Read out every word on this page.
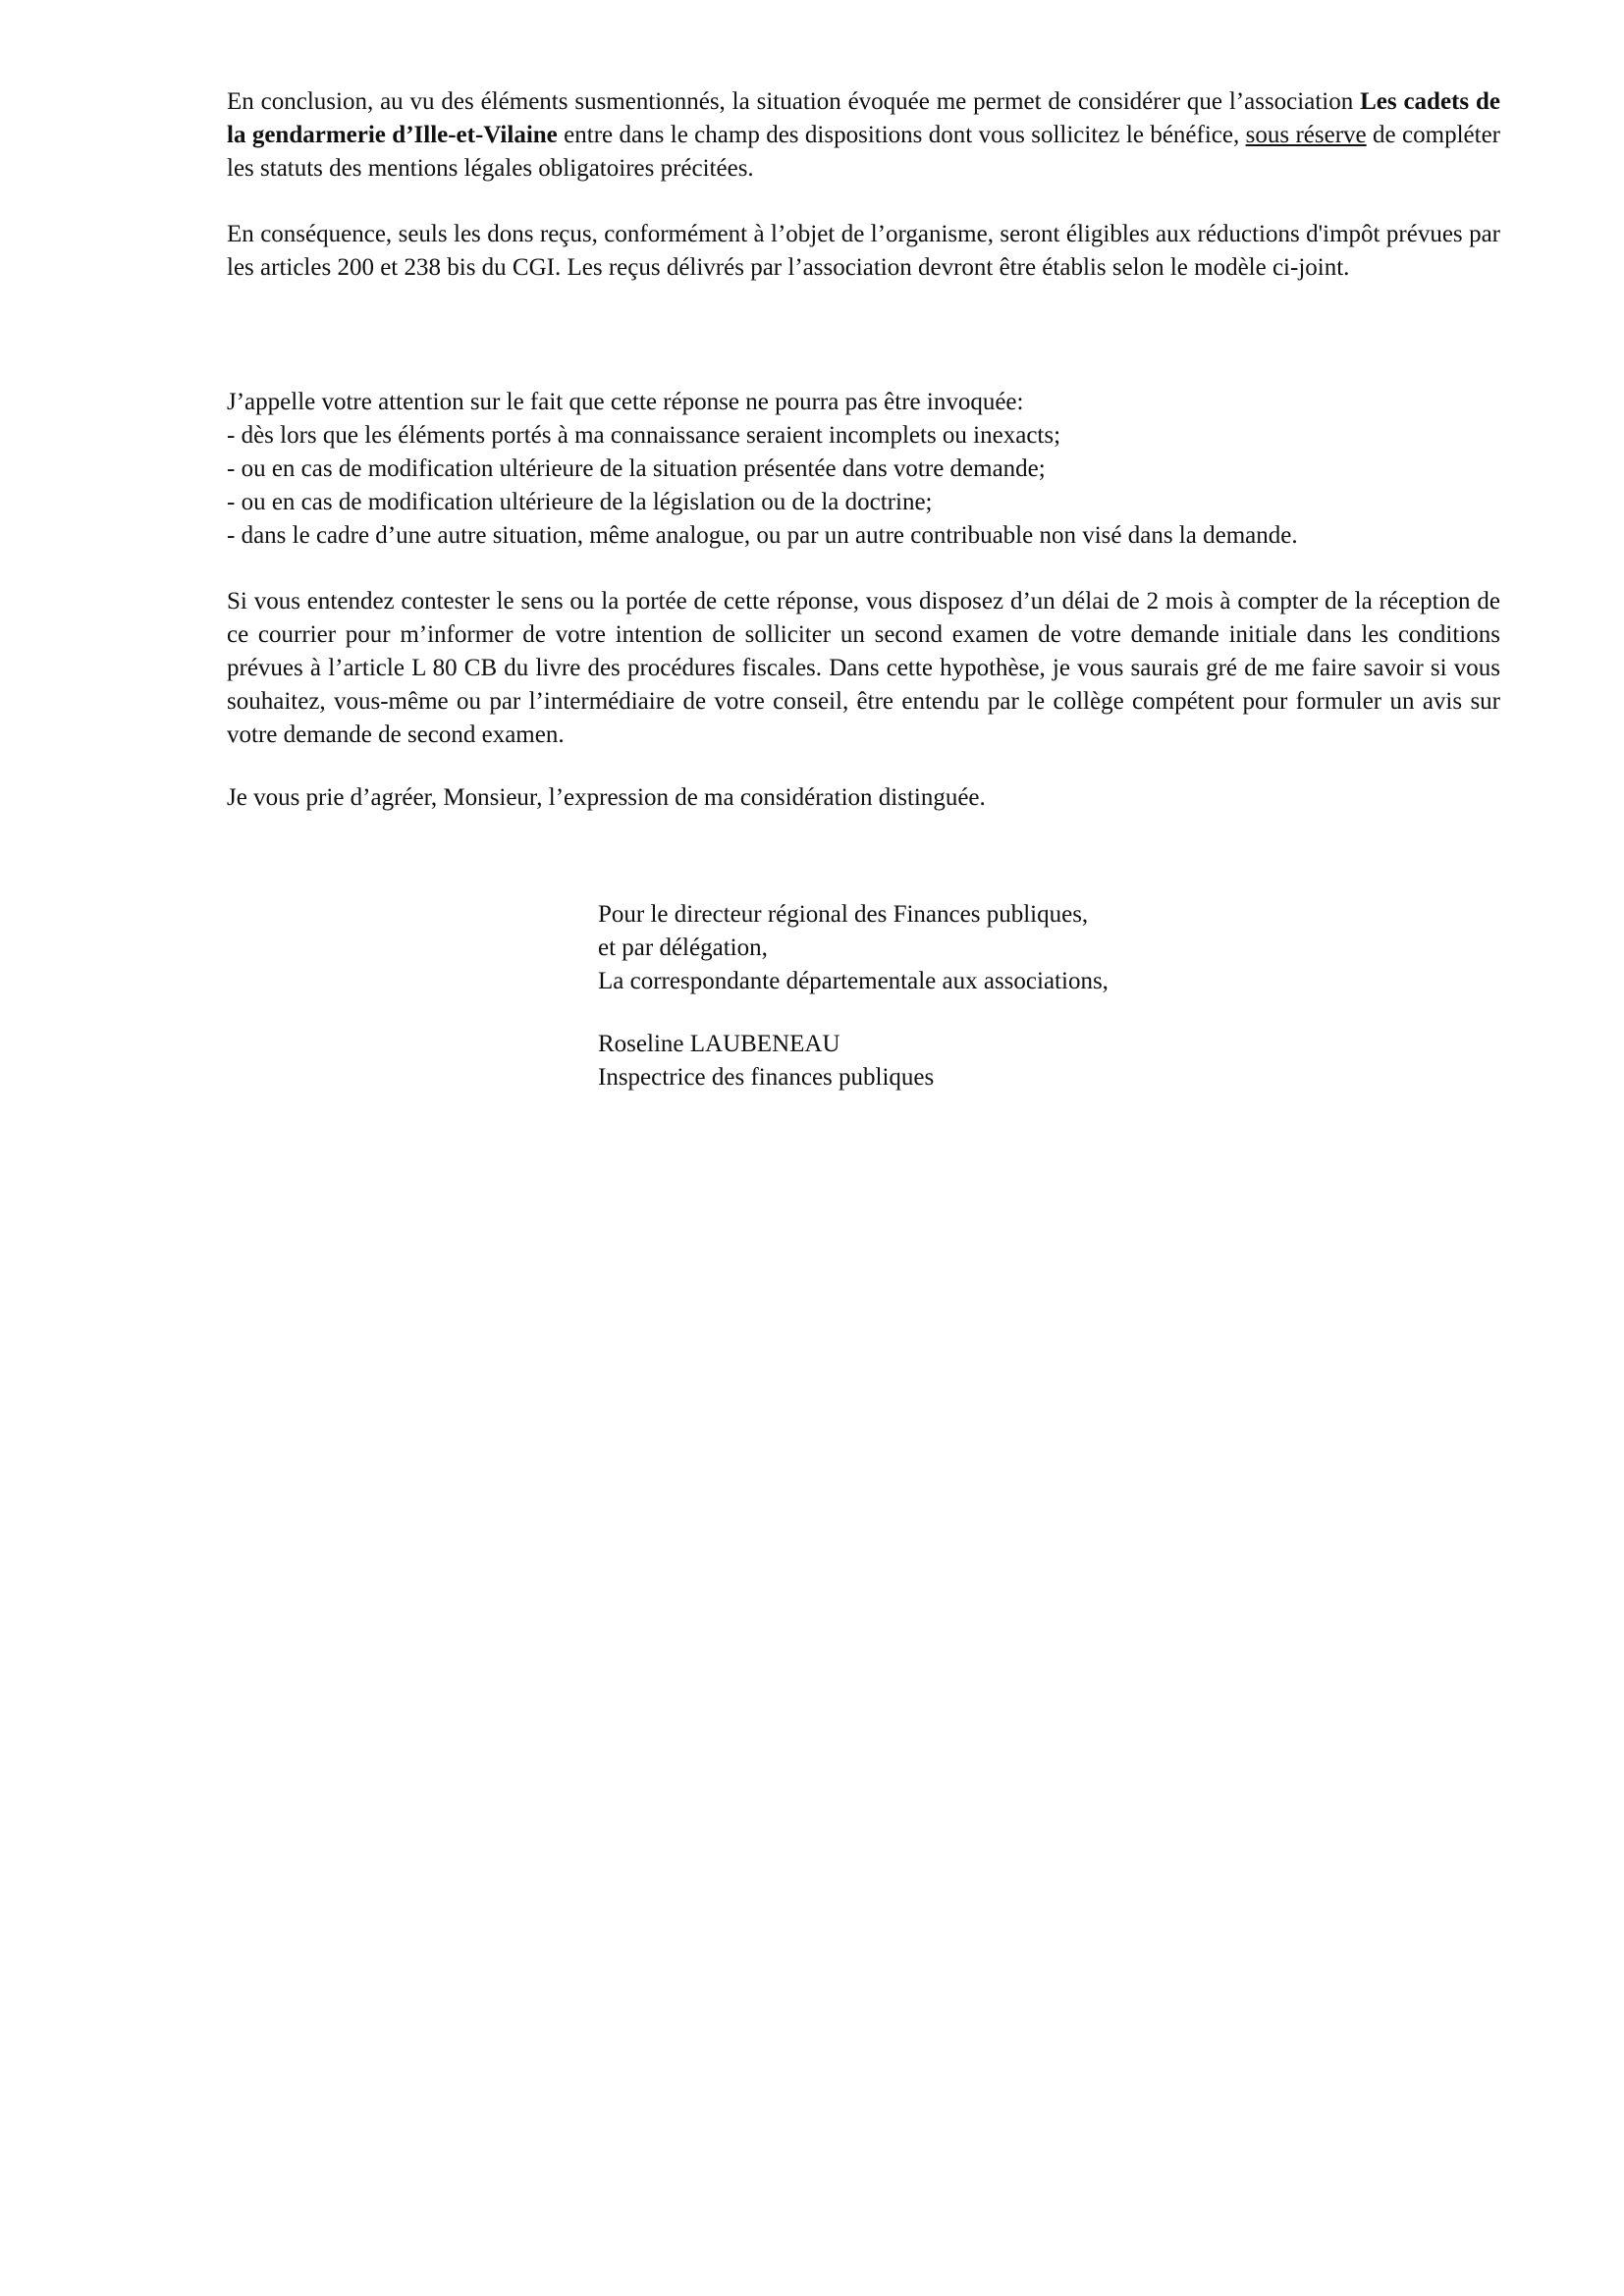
En conclusion, au vu des éléments susmentionnés, la situation évoquée me permet de considérer que l’association Les cadets de la gendarmerie d’Ille-et-Vilaine entre dans le champ des dispositions dont vous sollicitez le bénéfice, sous réserve de compléter les statuts des mentions légales obligatoires précitées.

En conséquence, seuls les dons reçus, conformément à l’objet de l’organisme, seront éligibles aux réductions d'impôt prévues par les articles 200 et 238 bis du CGI. Les reçus délivrés par l’association devront être établis selon le modèle ci-joint.

J’appelle votre attention sur le fait que cette réponse ne pourra pas être invoquée:
- dès lors que les éléments portés à ma connaissance seraient incomplets ou inexacts;
- ou en cas de modification ultérieure de la situation présentée dans votre demande;
- ou en cas de modification ultérieure de la législation ou de la doctrine;
- dans le cadre d’une autre situation, même analogue, ou par un autre contribuable non visé dans la demande.

Si vous entendez contester le sens ou la portée de cette réponse, vous disposez d’un délai de 2 mois à compter de la réception de ce courrier pour m’informer de votre intention de solliciter un second examen de votre demande initiale dans les conditions prévues à l’article L 80 CB du livre des procédures fiscales. Dans cette hypothèse, je vous saurais gré de me faire savoir si vous souhaitez, vous-même ou par l’intermédiaire de votre conseil, être entendu par le collège compétent pour formuler un avis sur votre demande de second examen.

Je vous prie d’agréer, Monsieur, l’expression de ma considération distinguée.

Pour le directeur régional des Finances publiques,
et par délégation,
La correspondante départementale aux associations,
Roseline LAUBENEAU
Inspectrice des finances publiques
